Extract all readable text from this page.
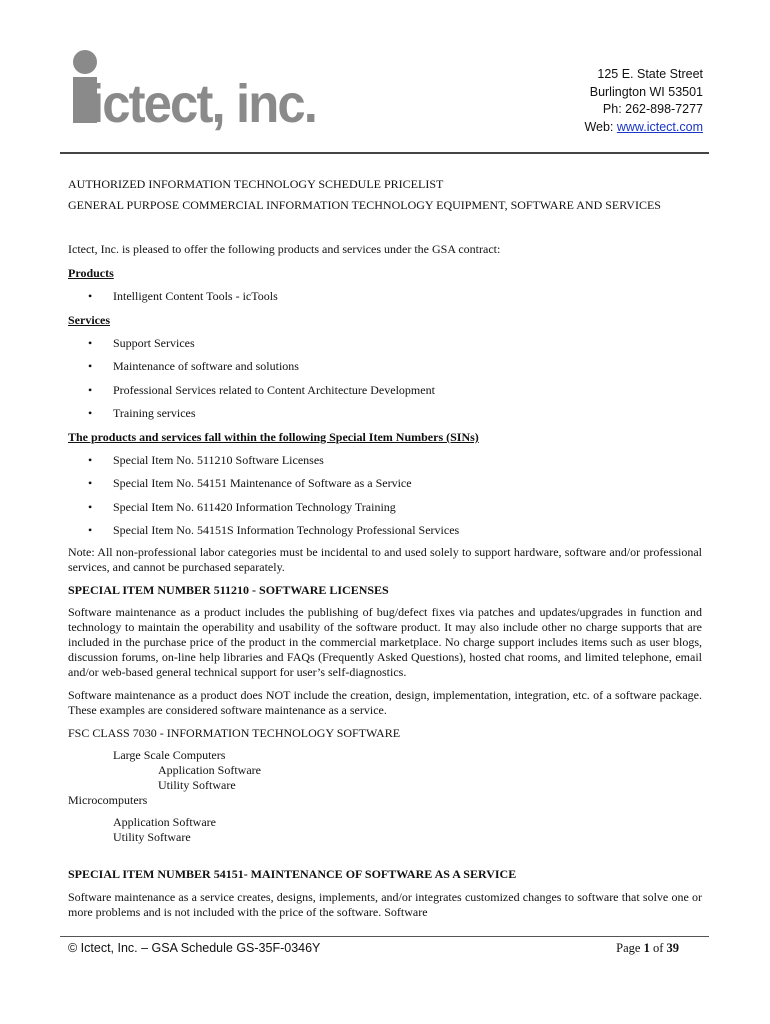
ictect, inc.	125 E. State Street
Burlington WI 53501
Ph: 262-898-7277
Web: www.ictect.com
AUTHORIZED INFORMATION TECHNOLOGY SCHEDULE PRICELIST
GENERAL PURPOSE COMMERCIAL INFORMATION TECHNOLOGY EQUIPMENT, SOFTWARE AND SERVICES
Ictect, Inc. is pleased to offer the following products and services under the GSA contract:
Products
• Intelligent Content Tools - icTools
Services
• Support Services
• Maintenance of software and solutions
• Professional Services related to Content Architecture Development
• Training services
The products and services fall within the following Special Item Numbers (SINs)
• Special Item No. 511210 Software Licenses
• Special Item No. 54151 Maintenance of Software as a Service
• Special Item No. 611420 Information Technology Training
• Special Item No. 54151S Information Technology Professional Services
Note: All non-professional labor categories must be incidental to and used solely to support hardware, software and/or professional services, and cannot be purchased separately.
SPECIAL ITEM NUMBER 511210 - SOFTWARE LICENSES
Software maintenance as a product includes the publishing of bug/defect fixes via patches and updates/upgrades in function and technology to maintain the operability and usability of the software product. It may also include other no charge supports that are included in the purchase price of the product in the commercial marketplace. No charge support includes items such as user blogs, discussion forums, on-line help libraries and FAQs (Frequently Asked Questions), hosted chat rooms, and limited telephone, email and/or web-based general technical support for user’s self-diagnostics.
Software maintenance as a product does NOT include the creation, design, implementation, integration, etc. of a software package. These examples are considered software maintenance as a service.
FSC CLASS 7030 - INFORMATION TECHNOLOGY SOFTWARE
Large Scale Computers
Application Software
Utility Software
Microcomputers
Application Software
Utility Software
SPECIAL ITEM NUMBER 54151- MAINTENANCE OF SOFTWARE AS A SERVICE
Software maintenance as a service creates, designs, implements, and/or integrates customized changes to software that solve one or more problems and is not included with the price of the software. Software
© Ictect, Inc. – GSA Schedule GS-35F-0346Y	Page 1 of 39
